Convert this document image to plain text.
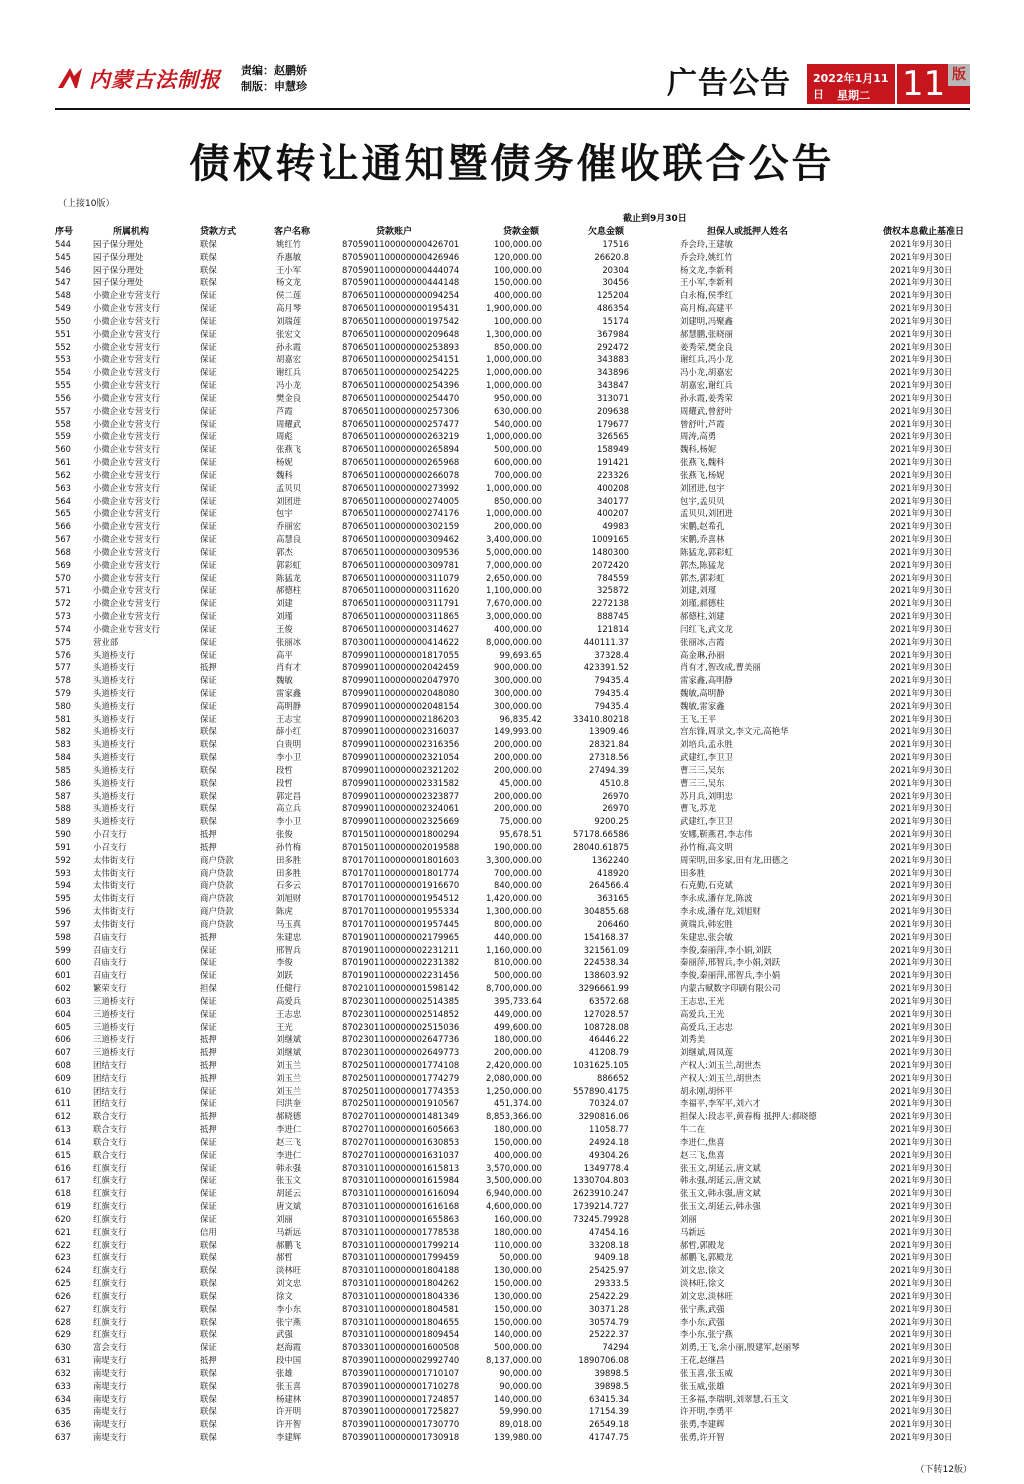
内蒙古法制报 责编：赵鹏娇
制版：申慧珍	广告公告 2022年1月11日	星期二 11 版
债权转让通知暨债务催收联合公告
（上接10版）
截止到9月30日
序号	所属机构	贷款方式	客户名称	贷款账户	贷款金额	欠息金额	担保人或抵押人姓名	债权本息截止基准日
544	园子保分理处	联保	姚红竹	8705901100000000426701	100,000.00	17516	乔会玲,王建敏	2021年9月30日
545	园子保分理处	联保	乔惠敏	8705901100000000426946	120,000.00	26620.8	乔会玲,姚红竹	2021年9月30日
546	园子保分理处	联保	王小军	8705901100000000444074	100,000.00	20304	杨文龙,李新利	2021年9月30日
547	园子保分理处	联保	杨文龙	8705901100000000444148	150,000.00	30456	王小军,李新利	2021年9月30日
548	小微企业专营支行	保证	侯二莲	8706501100000000094254	400,000.00	125204	白永梅,侯季红	2021年9月30日
549	小微企业专营支行	保证	高月琴	8706501100000000195431	1,900,000.00	486354	高月梅,高建平	2021年9月30日
550	小微企业专营支行	保证	刘瑞莲	8706501100000000197542	100,000.00	15174	刘建明,冯聚鑫	2021年9月30日
551	小微企业专营支行	保证	张宏文	8706501100000000209648	1,300,000.00	367984	郝慧鹏,张晓丽	2021年9月30日
552	小微企业专营支行	保证	孙永霞	8706501100000000253893	850,000.00	292472	姜秀荣,樊金良	2021年9月30日
553	小微企业专营支行	保证	胡嘉宏	8706501100000000254151	1,000,000.00	343883	谢红兵,冯小龙	2021年9月30日
554	小微企业专营支行	保证	谢红兵	8706501100000000254225	1,000,000.00	343896	冯小龙,胡嘉宏	2021年9月30日
555	小微企业专营支行	保证	冯小龙	8706501100000000254396	1,000,000.00	343847	胡嘉宏,谢红兵	2021年9月30日
556	小微企业专营支行	保证	樊金良	8706501100000000254470	950,000.00	313071	孙永霞,姜秀荣	2021年9月30日
557	小微企业专营支行	保证	芦霞	8706501100000000257306	630,000.00	209638	周耀武,曾舒叶	2021年9月30日
558	小微企业专营支行	保证	周耀武	8706501100000000257477	540,000.00	179677	曾舒叶,芦霞	2021年9月30日
559	小微企业专营支行	保证	周彪	8706501100000000263219	1,000,000.00	326565	周涛,高勇	2021年9月30日
560	小微企业专营支行	保证	张燕飞	8706501100000000265894	500,000.00	158949	魏科,杨妮	2021年9月30日
561	小微企业专营支行	保证	杨妮	8706501100000000265968	600,000.00	191421	张燕飞,魏科	2021年9月30日
562	小微企业专营支行	保证	魏科	8706501100000000266078	700,000.00	223326	张燕飞,杨妮	2021年9月30日
563	小微企业专营支行	保证	孟贝贝	8706501100000000273992	1,000,000.00	400208	刘团进,包宇	2021年9月30日
564	小微企业专营支行	保证	刘团进	8706501100000000274005	850,000.00	340177	包宇,孟贝贝	2021年9月30日
565	小微企业专营支行	保证	包宇	8706501100000000274176	1,000,000.00	400207	孟贝贝,刘团进	2021年9月30日
566	小微企业专营支行	保证	乔丽宏	8706501100000000302159	200,000.00	49983	宋鹏,赵希孔	2021年9月30日
567	小微企业专营支行	保证	高慧良	8706501100000000309462	3,400,000.00	1009165	宋鹏,乔喜林	2021年9月30日
568	小微企业专营支行	保证	郭杰	8706501100000000309536	5,000,000.00	1480300	陈猛龙,郭彩虹	2021年9月30日
569	小微企业专营支行	保证	郭彩虹	8706501100000000309781	7,000,000.00	2072420	郭杰,陈猛龙	2021年9月30日
570	小微企业专营支行	保证	陈猛龙	8706501100000000311079	2,650,000.00	784559	郭杰,郭彩虹	2021年9月30日
571	小微企业专营支行	保证	郝德柱	8706501100000000311620	1,100,000.00	325872	刘建,刘瑾	2021年9月30日
572	小微企业专营支行	保证	刘建	8706501100000000311791	7,670,000.00	2272138	刘瑾,郝德柱	2021年9月30日
573	小微企业专营支行	保证	刘瑾	8706501100000000311865	3,000,000.00	888745	郝德柱,刘建	2021年9月30日
574	小微企业专营支行	保证	王俊	8706501100000000314627	400,000.00	121814	闫红飞,武文龙	2021年9月30日
575	营业部	保证	张丽冰	8703001100000000414622	8,000,000.00	440111.37	张丽冰,吉霞	2021年9月30日
576	头道桥支行	保证	高平	8709901100000001817055	99,693.65	37328.4	高金琳,孙丽	2021年9月30日
577	头道桥支行	抵押	肖有才	8709901100000002042459	900,000.00	423391.52	肖有才,智改成,曹美丽	2021年9月30日
578	头道桥支行	保证	魏敏	8709901100000002047970	300,000.00	79435.4	雷家鑫,高明静	2021年9月30日
579	头道桥支行	保证	雷家鑫	8709901100000002048080	300,000.00	79435.4	魏敏,高明静	2021年9月30日
580	头道桥支行	保证	高明静	8709901100000002048154	300,000.00	79435.4	魏敏,雷家鑫	2021年9月30日
581	头道桥支行	保证	王志宝	8709901100000002186203	96,835.42	33410.80218	王飞,王平	2021年9月30日
582	头道桥支行	联保	薛小红	8709901100000002316037	149,993.00	13909.46	宫东锋,周录文,李文元,高艳华	2021年9月30日
583	头道桥支行	联保	白贵明	8709901100000002316356	200,000.00	28321.84	刘培兵,孟永胜	2021年9月30日
584	头道桥支行	联保	李小卫	8709901100000002321054	200,000.00	27318.56	武建红,李卫卫	2021年9月30日
585	头道桥支行	联保	段哲	8709901100000002321202	200,000.00	27494.39	曹三三,吴东	2021年9月30日
586	头道桥支行	联保	段哲	8709901100000002331582	45,000.00	4510.8	曹三三,吴东	2021年9月30日
587	头道桥支行	联保	郭定昌	8709901100000002323877	200,000.00	26970	苏月兵,刘明忠	2021年9月30日
588	头道桥支行	联保	高立兵	8709901100000002324061	200,000.00	26970	曹飞,苏龙	2021年9月30日
589	头道桥支行	联保	李小卫	8709901100000002325669	75,000.00	9200.25	武建红,李卫卫	2021年9月30日
590	小召支行	抵押	张俊	8701501100000001800294	95,678.51	57178.66586	安娜,靳燕君,李志伟	2021年9月30日
591	小召支行	抵押	孙竹梅	8701501100000002019588	190,000.00	28040.61875	孙竹梅,高文明	2021年9月30日
592	太伟街支行	商户贷款	田多胜	8701701100000001801603	3,300,000.00	1362240	周荣明,田多家,田有龙,田德之	2021年9月30日
593	太伟街支行	商户贷款	田多胜	8701701100000001801774	700,000.00	418920	田多胜	2021年9月30日
594	太伟街支行	商户贷款	石多云	8701701100000001916670	840,000.00	264566.4	石克勤,石克斌	2021年9月30日
595	太伟街支行	商户贷款	刘旭财	8701701100000001954512	1,420,000.00	363165	李永成,潘存龙,陈波	2021年9月30日
596	太伟街支行	商户贷款	陈虎	8701701100000001955334	1,300,000.00	304855.68	李永成,潘存龙,刘旭财	2021年9月30日
597	太伟街支行	商户贷款	马玉真	8701701100000001957445	800,000.00	206460	黄瑞兵,韩宏胜	2021年9月30日
598	召庙支行	抵押	朱建忠	8701901100000002179965	440,000.00	154168.37	朱建忠,张会敏	2021年9月30日
599	召庙支行	保证	邢智兵	8701901100000002231211	1,160,000.00	321561.09	李俊,秦丽萍,李小娟,刘跃	2021年9月30日
600	召庙支行	保证	李俊	8701901100000002231382	810,000.00	224538.34	秦丽萍,邢智兵,李小娟,刘跃	2021年9月30日
601	召庙支行	保证	刘跃	8701901100000002231456	500,000.00	138603.92	李俊,秦丽萍,邢智兵,李小娟	2021年9月30日
602	繁荣支行	担保	任健行	8702101100000001598142	8,700,000.00	3296661.99	内蒙古赋数字印刷有限公司	2021年9月30日
603	三道桥支行	保证	高爱兵	8702301100000002514385	395,733.64	63572.68	王志忠,王光	2021年9月30日
604	三道桥支行	保证	王志忠	8702301100000002514852	449,000.00	127028.57	高爱兵,王光	2021年9月30日
605	三道桥支行	保证	王光	8702301100000002515036	499,600.00	108728.08	高爱兵,王志忠	2021年9月30日
606	三道桥支行	抵押	刘继斌	8702301100000002647736	180,000.00	46446.22	刘秀美	2021年9月30日
607	三道桥支行	抵押	刘继斌	8702301100000002649773	200,000.00	41208.79	刘继斌,周凤莲	2021年9月30日
608	团结支行	抵押	刘玉兰	8702501100000001774108	2,420,000.00	1031625.105	产权人:刘玉兰,胡世杰	2021年9月30日
609	团结支行	抵押	刘玉兰	8702501100000001774279	2,080,000.00	886652	产权人:刘玉兰,胡世杰	2021年9月30日
610	团结支行	保证	刘玉兰	8702501100000001774353	1,250,000.00	557890.4175	胡永刚,胡怀平	2021年9月30日
611	团结支行	保证	闫洪奎	8702501100000001910567	451,374.00	70324.07	李福平,李军平,刘六才	2021年9月30日
612	联合支行	抵押	郝晓德	8702701100000001481349	8,853,366.00	3290816.06	担保人:段志平,黄春梅 抵押人:郝晓德	2021年9月30日
613	联合支行	抵押	李进仁	8702701100000001605663	180,000.00	11058.77	牛二在	2021年9月30日
614	联合支行	保证	赵三飞	8702701100000001630853	150,000.00	24924.18	李进仁,焦喜	2021年9月30日
615	联合支行	保证	李进仁	8702701100000001631037	400,000.00	49304.26	赵三飞,焦喜	2021年9月30日
616	红旗支行	保证	韩永强	8703101100000001615813	3,570,000.00	1349778.4	张玉文,胡延云,唐文斌	2021年9月30日
617	红旗支行	保证	张玉文	8703101100000001615984	3,500,000.00	1330704.803	韩永强,胡延云,唐文斌	2021年9月30日
618	红旗支行	保证	胡延云	8703101100000001616094	6,940,000.00	2623910.247	张玉文,韩永强,唐文斌	2021年9月30日
619	红旗支行	保证	唐文斌	8703101100000001616168	4,600,000.00	1739214.727	张玉文,胡延云,韩永强	2021年9月30日
620	红旗支行	保证	刘丽	8703101100000001655863	160,000.00	73245.79928	刘丽	2021年9月30日
621	红旗支行	信用	马新远	8703101100000001778538	180,000.00	47454.16	马新远	2021年9月30日
622	红旗支行	联保	郝鹏飞	8703101100000001799214	110,000.00	33208.18	郝哲,郭殿龙	2021年9月30日
623	红旗支行	联保	郝哲	8703101100000001799459	50,000.00	9409.18	郝鹏飞,郭殿龙	2021年9月30日
624	红旗支行	联保	淡林旺	8703101100000001804188	130,000.00	25425.97	刘文忠,徐文	2021年9月30日
625	红旗支行	联保	刘文忠	8703101100000001804262	150,000.00	29333.5	淡林旺,徐文	2021年9月30日
626	红旗支行	联保	徐文	8703101100000001804336	130,000.00	25422.29	刘文忠,淡林旺	2021年9月30日
627	红旗支行	联保	李小东	8703101100000001804581	150,000.00	30371.28	张宁燕,武强	2021年9月30日
628	红旗支行	联保	张宁燕	8703101100000001804655	150,000.00	30574.79	李小东,武强	2021年9月30日
629	红旗支行	联保	武强	8703101100000001809454	140,000.00	25222.37	李小东,张宁燕	2021年9月30日
630	富会支行	保证	赵海霞	8703301100000001600508	500,000.00	74294	刘勇,王飞,余小丽,殷建军,赵丽琴	2021年9月30日
631	南堤支行	抵押	段中国	8703901100000002992740	8,137,000.00	1890706.08	王花,赵继昌	2021年9月30日
632	南堤支行	联保	张雄	8703901100000001710107	90,000.00	39898.5	张玉喜,张玉威	2021年9月30日
633	南堤支行	联保	张玉喜	8703901100000001710278	90,000.00	39898.5	张玉威,张雄	2021年9月30日
634	南堤支行	联保	杨建林	8703901100000001724857	140,000.00	63415.34	王多福,李瑞明,刘翠慧,石玉文	2021年9月30日
635	南堤支行	联保	许开明	8703901100000001725827	59,990.00	17154.39	许开明,李勇平	2021年9月30日
636	南堤支行	联保	许开智	8703901100000001730770	89,018.00	26549.18	张勇,李建辉	2021年9月30日
637	南堤支行	联保	李建辉	8703901100000001730918	139,980.00	41747.75	张勇,许开智	2021年9月30日
（下转12版）
